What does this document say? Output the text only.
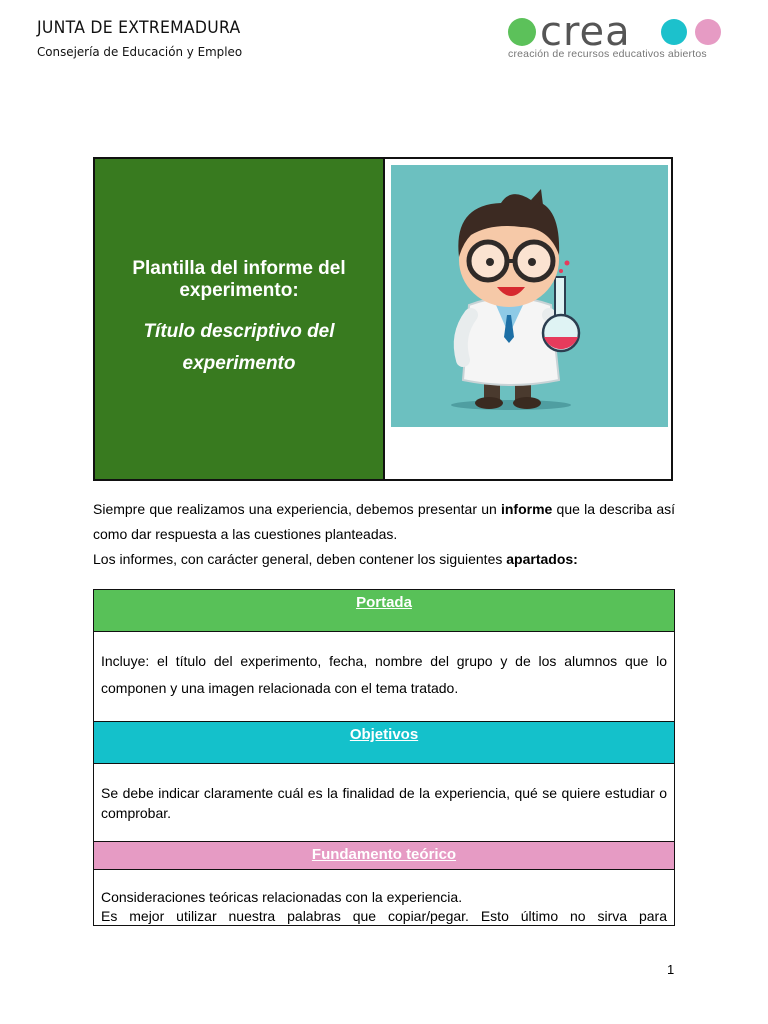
JUNTA DE EXTREMADURA
Consejería de Educación y Empleo	crea
creación de recursos educativos abiertos
Plantilla del informe del experimento:
Título descriptivo del experimento

Siempre que realizamos una experiencia, debemos presentar un informe que la describa así como dar respuesta a las cuestiones planteadas.

Los informes, con carácter general, deben contener los siguientes apartados:

Portada
Incluye: el título del experimento, fecha, nombre del grupo y de los alumnos que lo componen y una imagen relacionada con el tema tratado.
Objetivos
Se debe indicar claramente cuál es la finalidad de la experiencia, qué se quiere estudiar o comprobar.
Fundamento teórico
Consideraciones teóricas relacionadas con la experiencia.
Es mejor utilizar nuestra palabras que copiar/pegar. Esto último no sirva para
1
